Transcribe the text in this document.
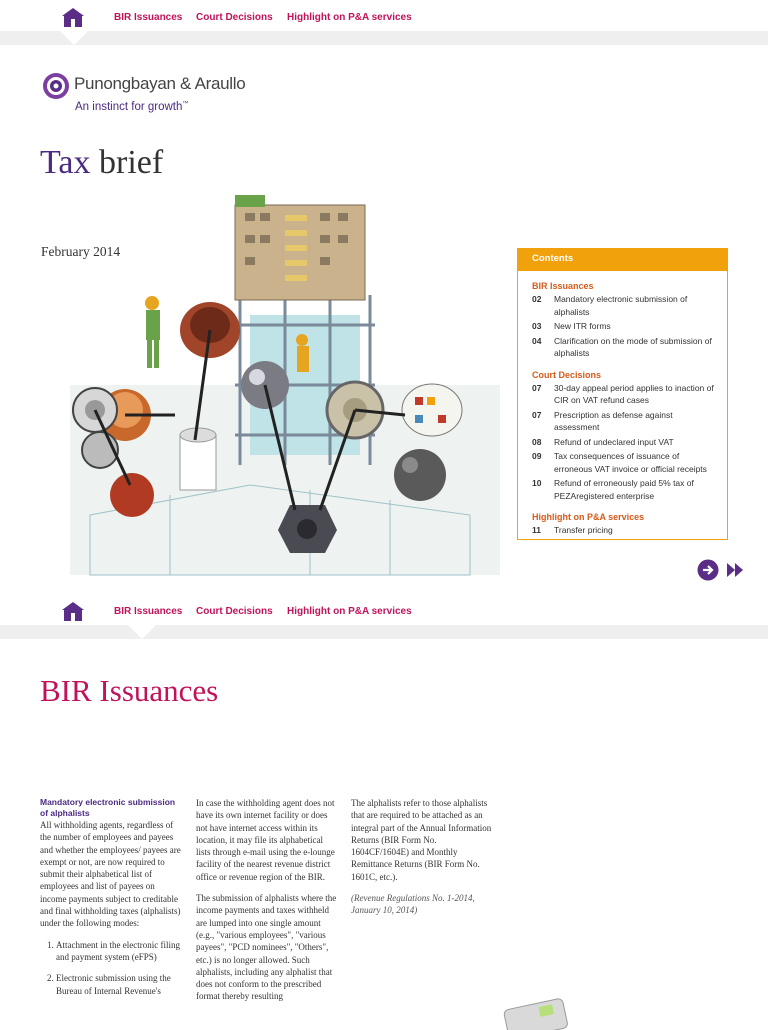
BIR Issuances Court Decisions Highlight on P&A services
Punongbayan & Araullo
An instinct for growth™
Tax brief
February 2014	Contents
BIR Issuances
02	Mandatory electronic submission of alphalists
03	New ITR forms
04	Clarification on the mode of submission of alphalists
Court Decisions
07	30-day appeal period applies to inaction of CIR on VAT refund cases
07	Prescription as defense against assessment
08	Refund of undeclared input VAT
09	Tax consequences of issuance of erroneous VAT invoice or official receipts
10	Refund of erroneously paid 5% tax of PEZAregistered enterprise
Highlight on P&A services
11	Transfer pricing
BIR Issuances Court Decisions Highlight on P&A services
BIR Issuances
Mandatory electronic submission of alphalists

All withholding agents, regardless of the number of employees and payees and whether the employees/ payees are exempt or not, are now required to submit their alphabetical list of employees and list of payees on income payments subject to creditable and final withholding taxes (alphalists) under the following modes:

1. Attachment in the electronic filing and payment system (eFPS)
2. Electronic submission using the Bureau of Internal Revenue's

In case the withholding agent does not have its own internet facility or does not have internet access within its location, it may file its alphabetical lists through e-mail using the e-lounge facility of the nearest revenue district office or revenue region of the BIR.

The submission of alphalists where the income payments and taxes withheld are lumped into one single amount (e.g., "various employees", "various payees", "PCD nominees", "Others", etc.) is no longer allowed. Such alphalists, including any alphalist that does not conform to the prescribed format thereby resulting

The alphalists refer to those alphalists that are required to be attached as an integral part of the Annual Information Returns (BIR Form No. 1604CF/1604E) and Monthly Remittance Returns (BIR Form No. 1601C, etc.).

(Revenue Regulations No. 1-2014, January 10, 2014)
